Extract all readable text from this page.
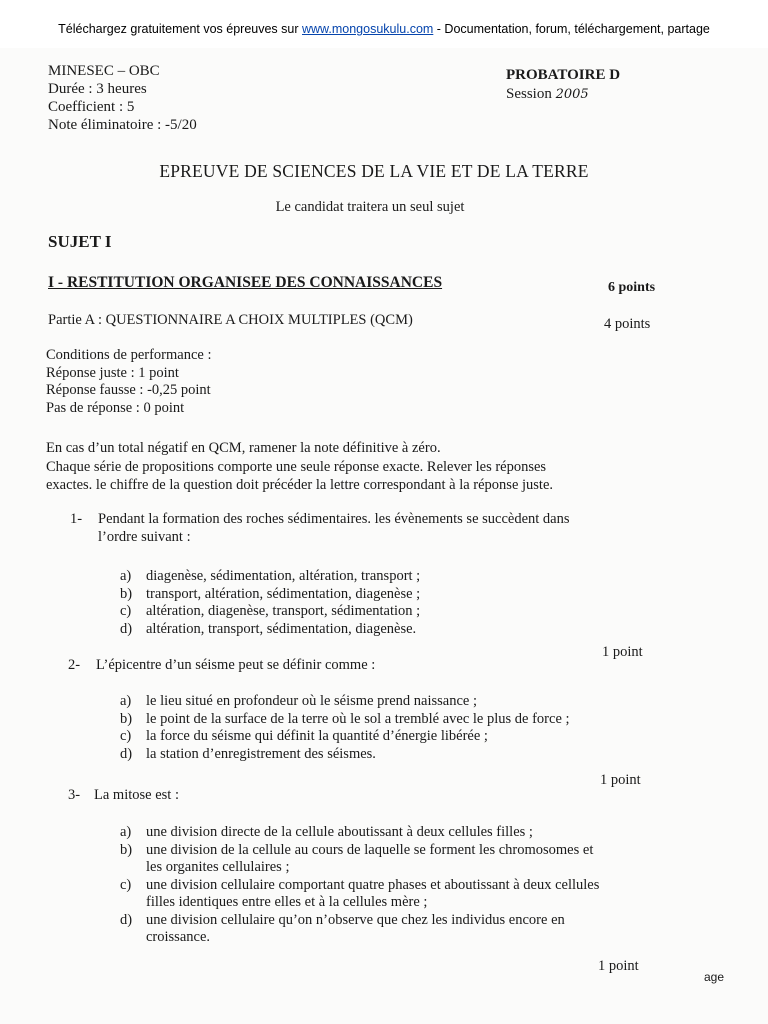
Téléchargez gratuitement vos épreuves sur www.mongosukulu.com - Documentation, forum, téléchargement, partage
MINESEC – OBC
Durée : 3 heures
Coefficient : 5
Note éliminatoire : -5/20
PROBATOIRE D
Session 2005
EPREUVE DE SCIENCES DE LA VIE ET DE LA TERRE
Le candidat traitera un seul sujet
SUJET I
I - RESTITUTION ORGANISEE DES CONNAISSANCES	6 points
Partie A : QUESTIONNAIRE A CHOIX MULTIPLES (QCM)	4 points
Conditions de performance :
Réponse juste : 1 point
Réponse fausse : -0,25 point
Pas de réponse : 0 point
En cas d’un total négatif en QCM, ramener la note définitive à zéro.
Chaque série de propositions comporte une seule réponse exacte. Relever les réponses
exactes. le chiffre de la question doit précéder la lettre correspondant à la réponse juste.
1- Pendant la formation des roches sédimentaires. les évènements se succèdent dans
l’ordre suivant :
a) diagenèse, sédimentation, altération, transport ;
b) transport, altération, sédimentation, diagenèse ;
c) altération, diagenèse, transport, sédimentation ;
d) altération, transport, sédimentation, diagenèse.
1 point
2- L’épicentre d’un séisme peut se définir comme :
a) le lieu situé en profondeur où le séisme prend naissance ;
b) le point de la surface de la terre où le sol a tremblé avec le plus de force ;
c) la force du séisme qui définit la quantité d’énergie libérée ;
d) la station d’enregistrement des séismes.
1 point
3- La mitose est :
a) une division directe de la cellule aboutissant à deux cellules filles ;
b) une division de la cellule au cours de laquelle se forment les chromosomes et
les organites cellulaires ;
c) une division cellulaire comportant quatre phases et aboutissant à deux cellules
filles identiques entre elles et à la cellules mère ;
d) une division cellulaire qu’on n’observe que chez les individus encore en
croissance.
1 point
age
